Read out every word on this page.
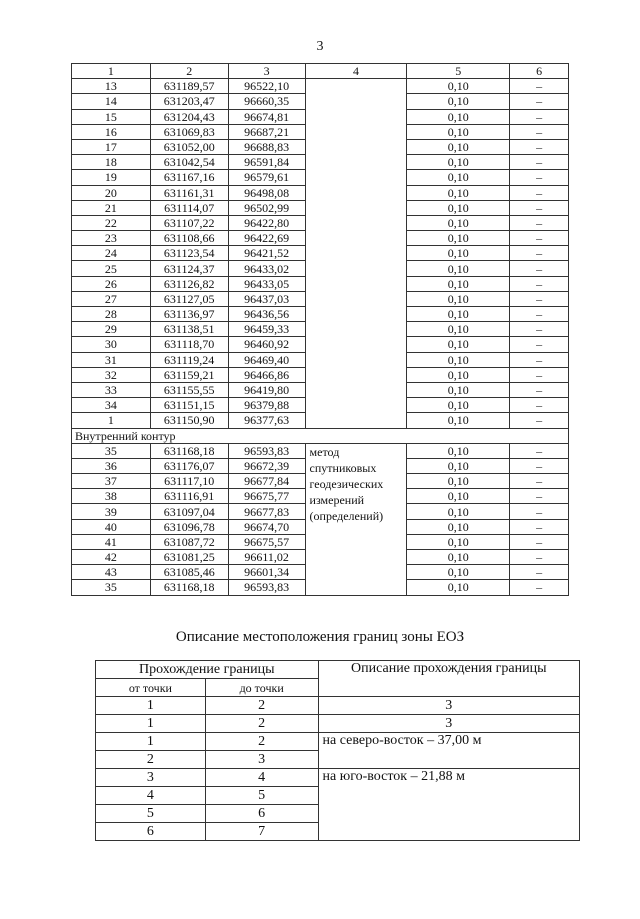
3
1	2	3	4	5	6
13	631189,57	96522,10		0,10	–
14	631203,47	96660,35		0,10	–
15	631204,43	96674,81		0,10	–
16	631069,83	96687,21		0,10	–
17	631052,00	96688,83		0,10	–
18	631042,54	96591,84		0,10	–
19	631167,16	96579,61		0,10	–
20	631161,31	96498,08		0,10	–
21	631114,07	96502,99		0,10	–
22	631107,22	96422,80		0,10	–
23	631108,66	96422,69		0,10	–
24	631123,54	96421,52		0,10	–
25	631124,37	96433,02		0,10	–
26	631126,82	96433,05		0,10	–
27	631127,05	96437,03		0,10	–
28	631136,97	96436,56		0,10	–
29	631138,51	96459,33		0,10	–
30	631118,70	96460,92		0,10	–
31	631119,24	96469,40		0,10	–
32	631159,21	96466,86		0,10	–
33	631155,55	96419,80		0,10	–
34	631151,15	96379,88		0,10	–
1	631150,90	96377,63		0,10	–
Внутренний контур					
35	631168,18	96593,83	метод спутниковых геодезических измерений (определений)	0,10	–
36	631176,07	96672,39		0,10	–
37	631117,10	96677,84		0,10	–
38	631116,91	96675,77		0,10	–
39	631097,04	96677,83		0,10	–
40	631096,78	96674,70		0,10	–
41	631087,72	96675,57		0,10	–
42	631081,25	96611,02		0,10	–
43	631085,46	96601,34		0,10	–
35	631168,18	96593,83		0,10	–
Описание местоположения границ зоны ЕОЗ
Прохождение границы		Описание прохождения границы
от точки	до точки	
1	2	3
1	2	3
1	2	на северо-восток – 37,00 м
2	3	
3	4	на юго-восток – 21,88 м
4	5	
5	6	
6	7	
